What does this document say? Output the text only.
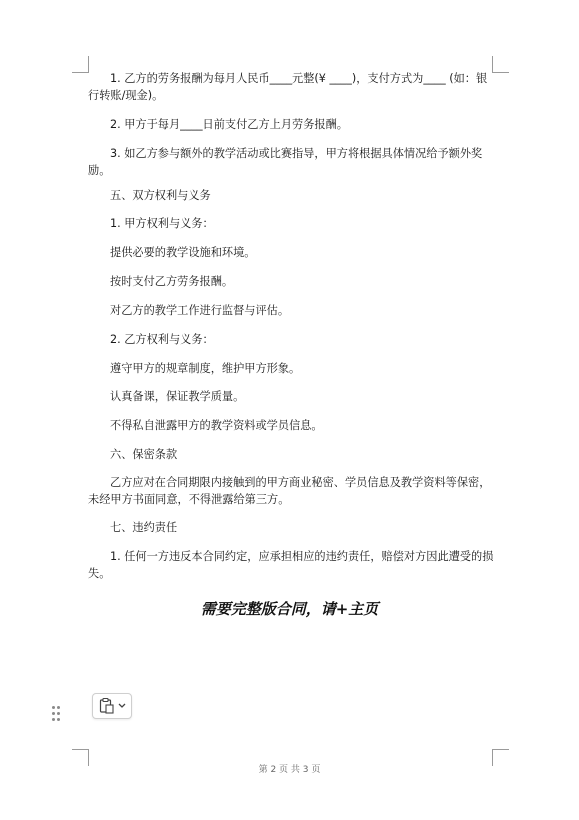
1. 乙方的劳务报酬为每月人民币____元整(¥ ____)，支付方式为____ (如：银行转账/现金)。
2. 甲方于每月____日前支付乙方上月劳务报酬。
3. 如乙方参与额外的教学活动或比赛指导，甲方将根据具体情况给予额外奖励。
五、双方权利与义务
1. 甲方权利与义务：
提供必要的教学设施和环境。
按时支付乙方劳务报酬。
对乙方的教学工作进行监督与评估。
2. 乙方权利与义务：
遵守甲方的规章制度，维护甲方形象。
认真备课，保证教学质量。
不得私自泄露甲方的教学资料或学员信息。
六、保密条款
乙方应对在合同期限内接触到的甲方商业秘密、学员信息及教学资料等保密，未经甲方书面同意，不得泄露给第三方。
七、违约责任
1. 任何一方违反本合同约定，应承担相应的违约责任，赔偿对方因此遭受的损失。
需要完整版合同，请+主页
第 2 页 共 3 页
